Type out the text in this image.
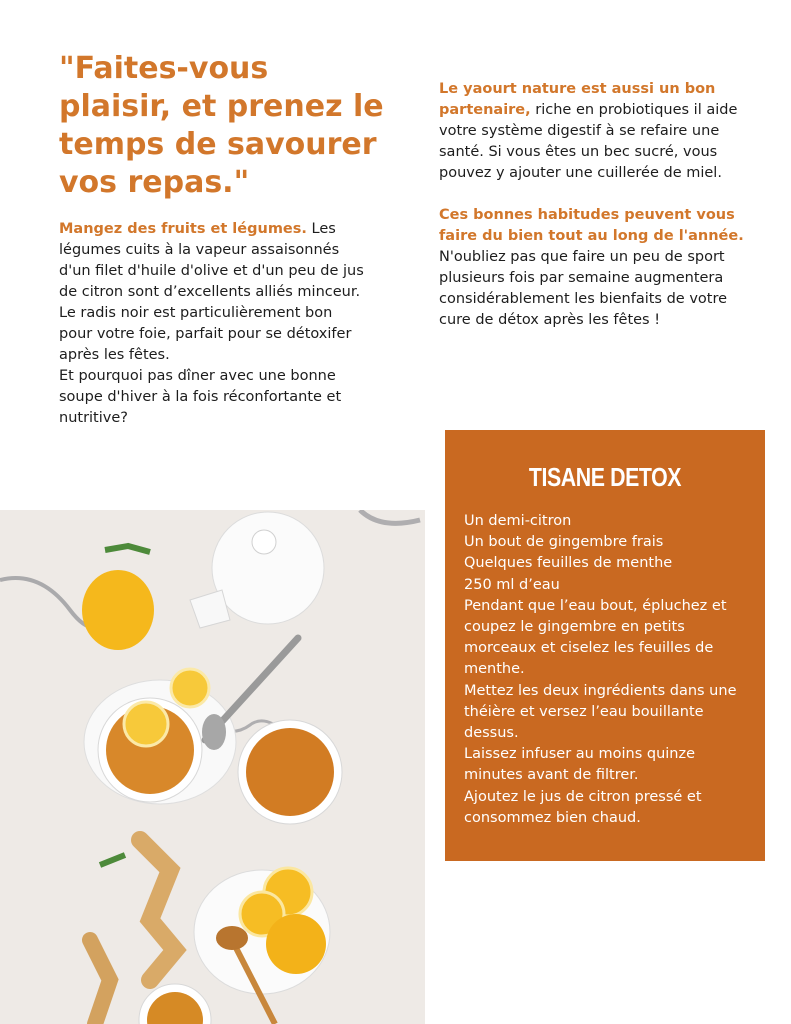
"Faites-vous plaisir, et prenez le temps de savourer vos repas."

Mangez des fruits et légumes. Les légumes cuits à la vapeur assaisonnés d'un filet d'huile d'olive et d'un peu de jus de citron sont d’excellents alliés minceur.

Le radis noir est particulièrement bon pour votre foie, parfait pour se détoxifer après les fêtes.

Et pourquoi pas dîner avec une bonne soupe d'hiver à la fois réconfortante et nutritive?

Le yaourt nature est aussi un bon partenaire, riche en probiotiques il aide votre système digestif à se refaire une santé. Si vous êtes un bec sucré, vous pouvez y ajouter une cuillerée de miel.

Ces bonnes habitudes peuvent vous faire du bien tout au long de l'année. N'oubliez pas que faire un peu de sport plusieurs fois par semaine augmentera considérablement les bienfaits de votre cure de détox après les fêtes !

TISANE DETOX

Un demi-citron

Un bout de gingembre frais

Quelques feuilles de menthe

250 ml d’eau

Pendant que l’eau bout, épluchez et coupez le gingembre en petits morceaux et ciselez les feuilles de menthe.

Mettez les deux ingrédients dans une théière et versez l’eau bouillante dessus.

Laissez infuser au moins quinze minutes avant de filtrer.

Ajoutez le jus de citron pressé et consommez bien chaud.
